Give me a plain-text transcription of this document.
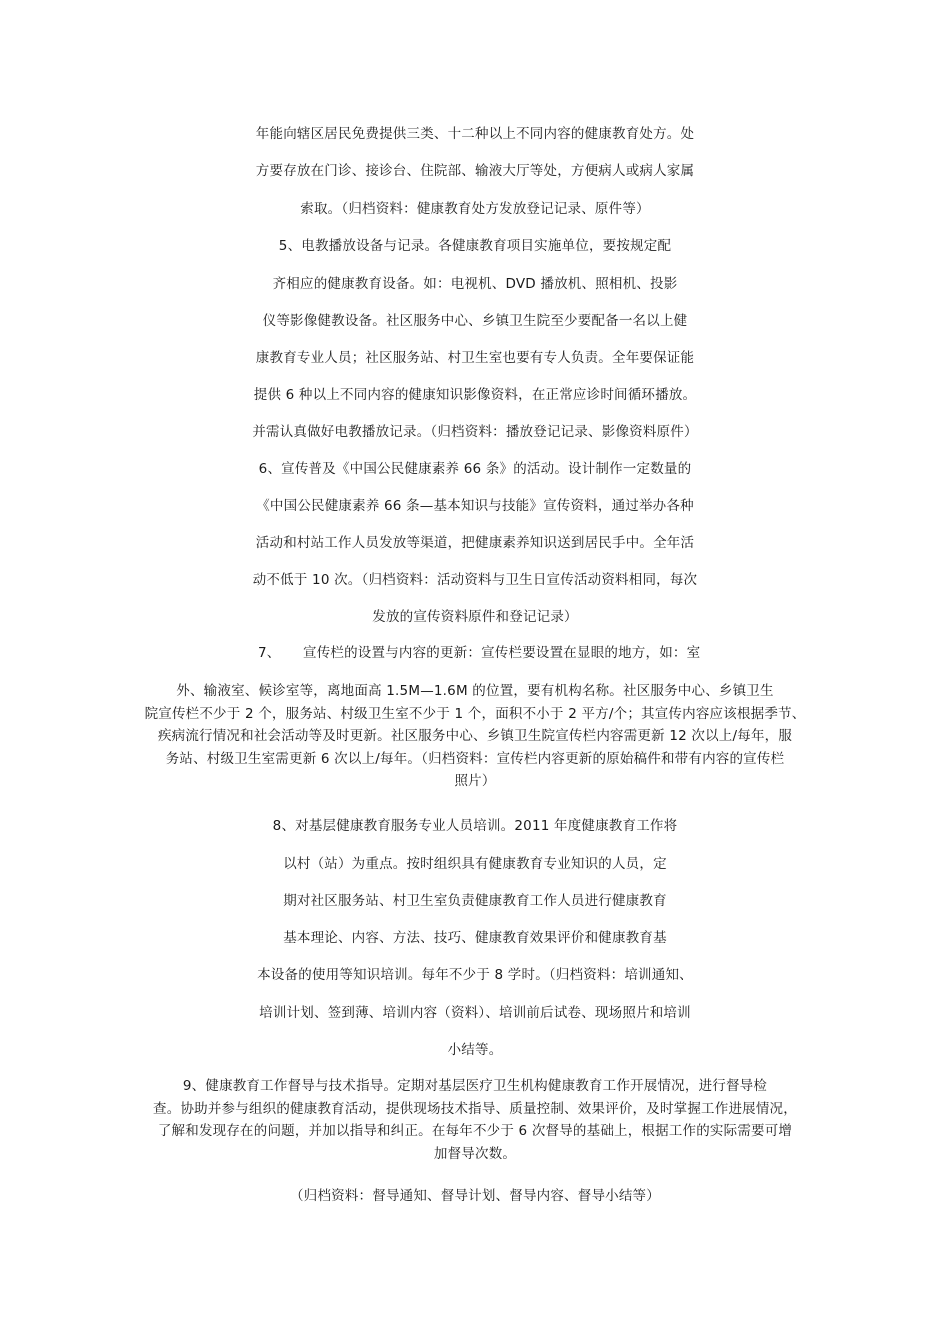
年能向辖区居民免费提供三类、十二种以上不同内容的健康教育处方。处

方要存放在门诊、接诊台、住院部、输液大厅等处，方便病人或病人家属

索取。（归档资料：健康教育处方发放登记记录、原件等）

5、电教播放设备与记录。各健康教育项目实施单位，要按规定配

齐相应的健康教育设备。如：电视机、DVD 播放机、照相机、投影

仪等影像健教设备。社区服务中心、乡镇卫生院至少要配备一名以上健

康教育专业人员；社区服务站、村卫生室也要有专人负责。全年要保证能

提供 6 种以上不同内容的健康知识影像资料，在正常应诊时间循环播放。

并需认真做好电教播放记录。（归档资料：播放登记记录、影像资料原件）

6、宣传普及《中国公民健康素养 66 条》的活动。设计制作一定数量的

《中国公民健康素养 66 条—基本知识与技能》宣传资料，通过举办各种

活动和村站工作人员发放等渠道，把健康素养知识送到居民手中。全年活

动不低于 10 次。（归档资料：活动资料与卫生日宣传活动资料相同，每次

发放的宣传资料原件和登记记录）

7、 宣传栏的设置与内容的更新：宣传栏要设置在显眼的地方，如：室

外、输液室、候诊室等，离地面高 1.5M—1.6M 的位置，要有机构名称。社区服务中心、乡镇卫生
院宣传栏不少于 2 个，服务站、村级卫生室不少于 1 个，面积不小于 2 平方/个；其宣传内容应该根据季节、
疾病流行情况和社会活动等及时更新。社区服务中心、乡镇卫生院宣传栏内容需更新 12 次以上/每年，服
务站、村级卫生室需更新 6 次以上/每年。（归档资料：宣传栏内容更新的原始稿件和带有内容的宣传栏
照片）

8、对基层健康教育服务专业人员培训。2011 年度健康教育工作将

以村（站）为重点。按时组织具有健康教育专业知识的人员，定

期对社区服务站、村卫生室负责健康教育工作人员进行健康教育

基本理论、内容、方法、技巧、健康教育效果评价和健康教育基

本设备的使用等知识培训。每年不少于 8 学时。（归档资料：培训通知、

培训计划、签到薄、培训内容（资料）、培训前后试卷、现场照片和培训

小结等。

9、健康教育工作督导与技术指导。定期对基层医疗卫生机构健康教育工作开展情况，进行督导检
查。协助并参与组织的健康教育活动，提供现场技术指导、质量控制、效果评价，及时掌握工作进展情况，
了解和发现存在的问题，并加以指导和纠正。在每年不少于 6 次督导的基础上，根据工作的实际需要可增
加督导次数。

（归档资料：督导通知、督导计划、督导内容、督导小结等）
